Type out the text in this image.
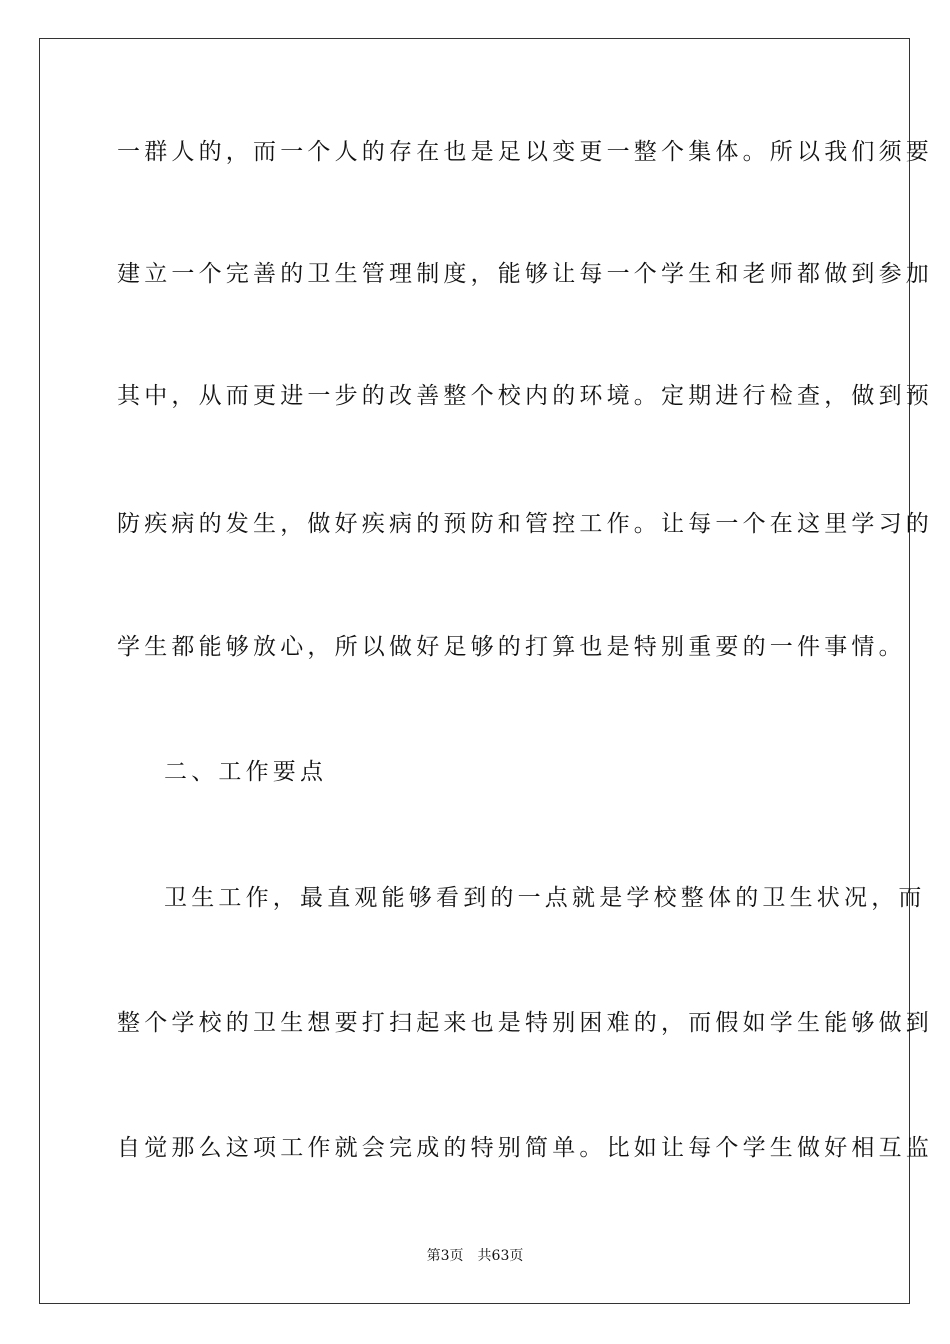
一群人的，而一个人的存在也是足以变更一整个集体。所以我们须要
建立一个完善的卫生管理制度，能够让每一个学生和老师都做到参加
其中，从而更进一步的改善整个校内的环境。定期进行检查，做到预
防疾病的发生，做好疾病的预防和管控工作。让每一个在这里学习的
学生都能够放心，所以做好足够的打算也是特别重要的一件事情。
二、工作要点
卫生工作，最直观能够看到的一点就是学校整体的卫生状况，而
整个学校的卫生想要打扫起来也是特别困难的，而假如学生能够做到
自觉那么这项工作就会完成的特别简单。比如让每个学生做好相互监
第3页 共63页
